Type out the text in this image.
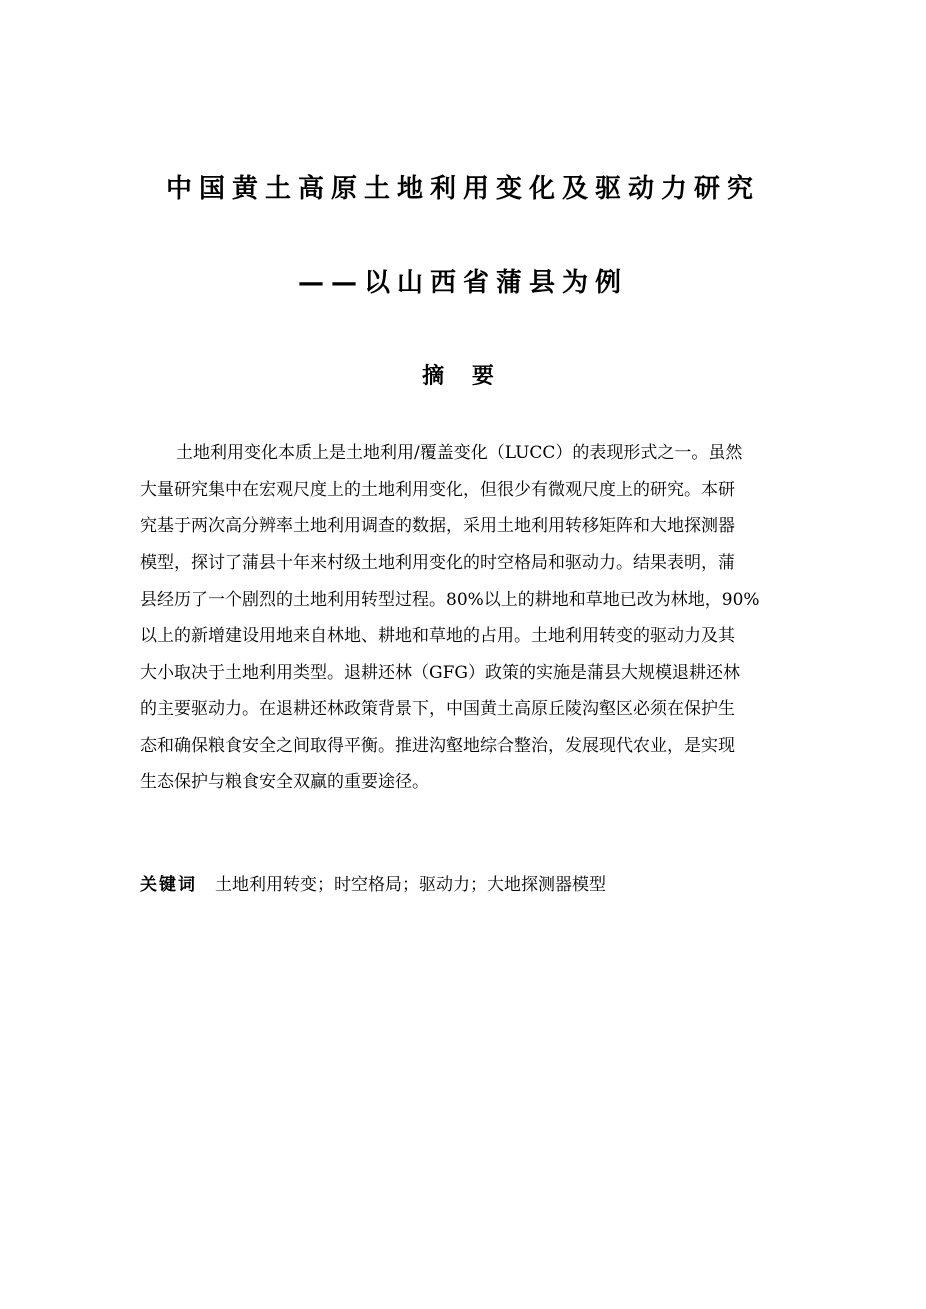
中国黄土高原土地利用变化及驱动力研究
——以山西省蒲县为例
摘 要
土地利用变化本质上是土地利用/覆盖变化（LUCC）的表现形式之一。虽然
大量研究集中在宏观尺度上的土地利用变化，但很少有微观尺度上的研究。本研
究基于两次高分辨率土地利用调查的数据，采用土地利用转移矩阵和大地探测器
模型，探讨了蒲县十年来村级土地利用变化的时空格局和驱动力。结果表明，蒲
县经历了一个剧烈的土地利用转型过程。80%以上的耕地和草地已改为林地，90%
以上的新增建设用地来自林地、耕地和草地的占用。土地利用转变的驱动力及其
大小取决于土地利用类型。退耕还林（GFG）政策的实施是蒲县大规模退耕还林
的主要驱动力。在退耕还林政策背景下，中国黄土高原丘陵沟壑区必须在保护生
态和确保粮食安全之间取得平衡。推进沟壑地综合整治，发展现代农业，是实现
生态保护与粮食安全双赢的重要途径。
关键词 土地利用转变；时空格局；驱动力；大地探测器模型
